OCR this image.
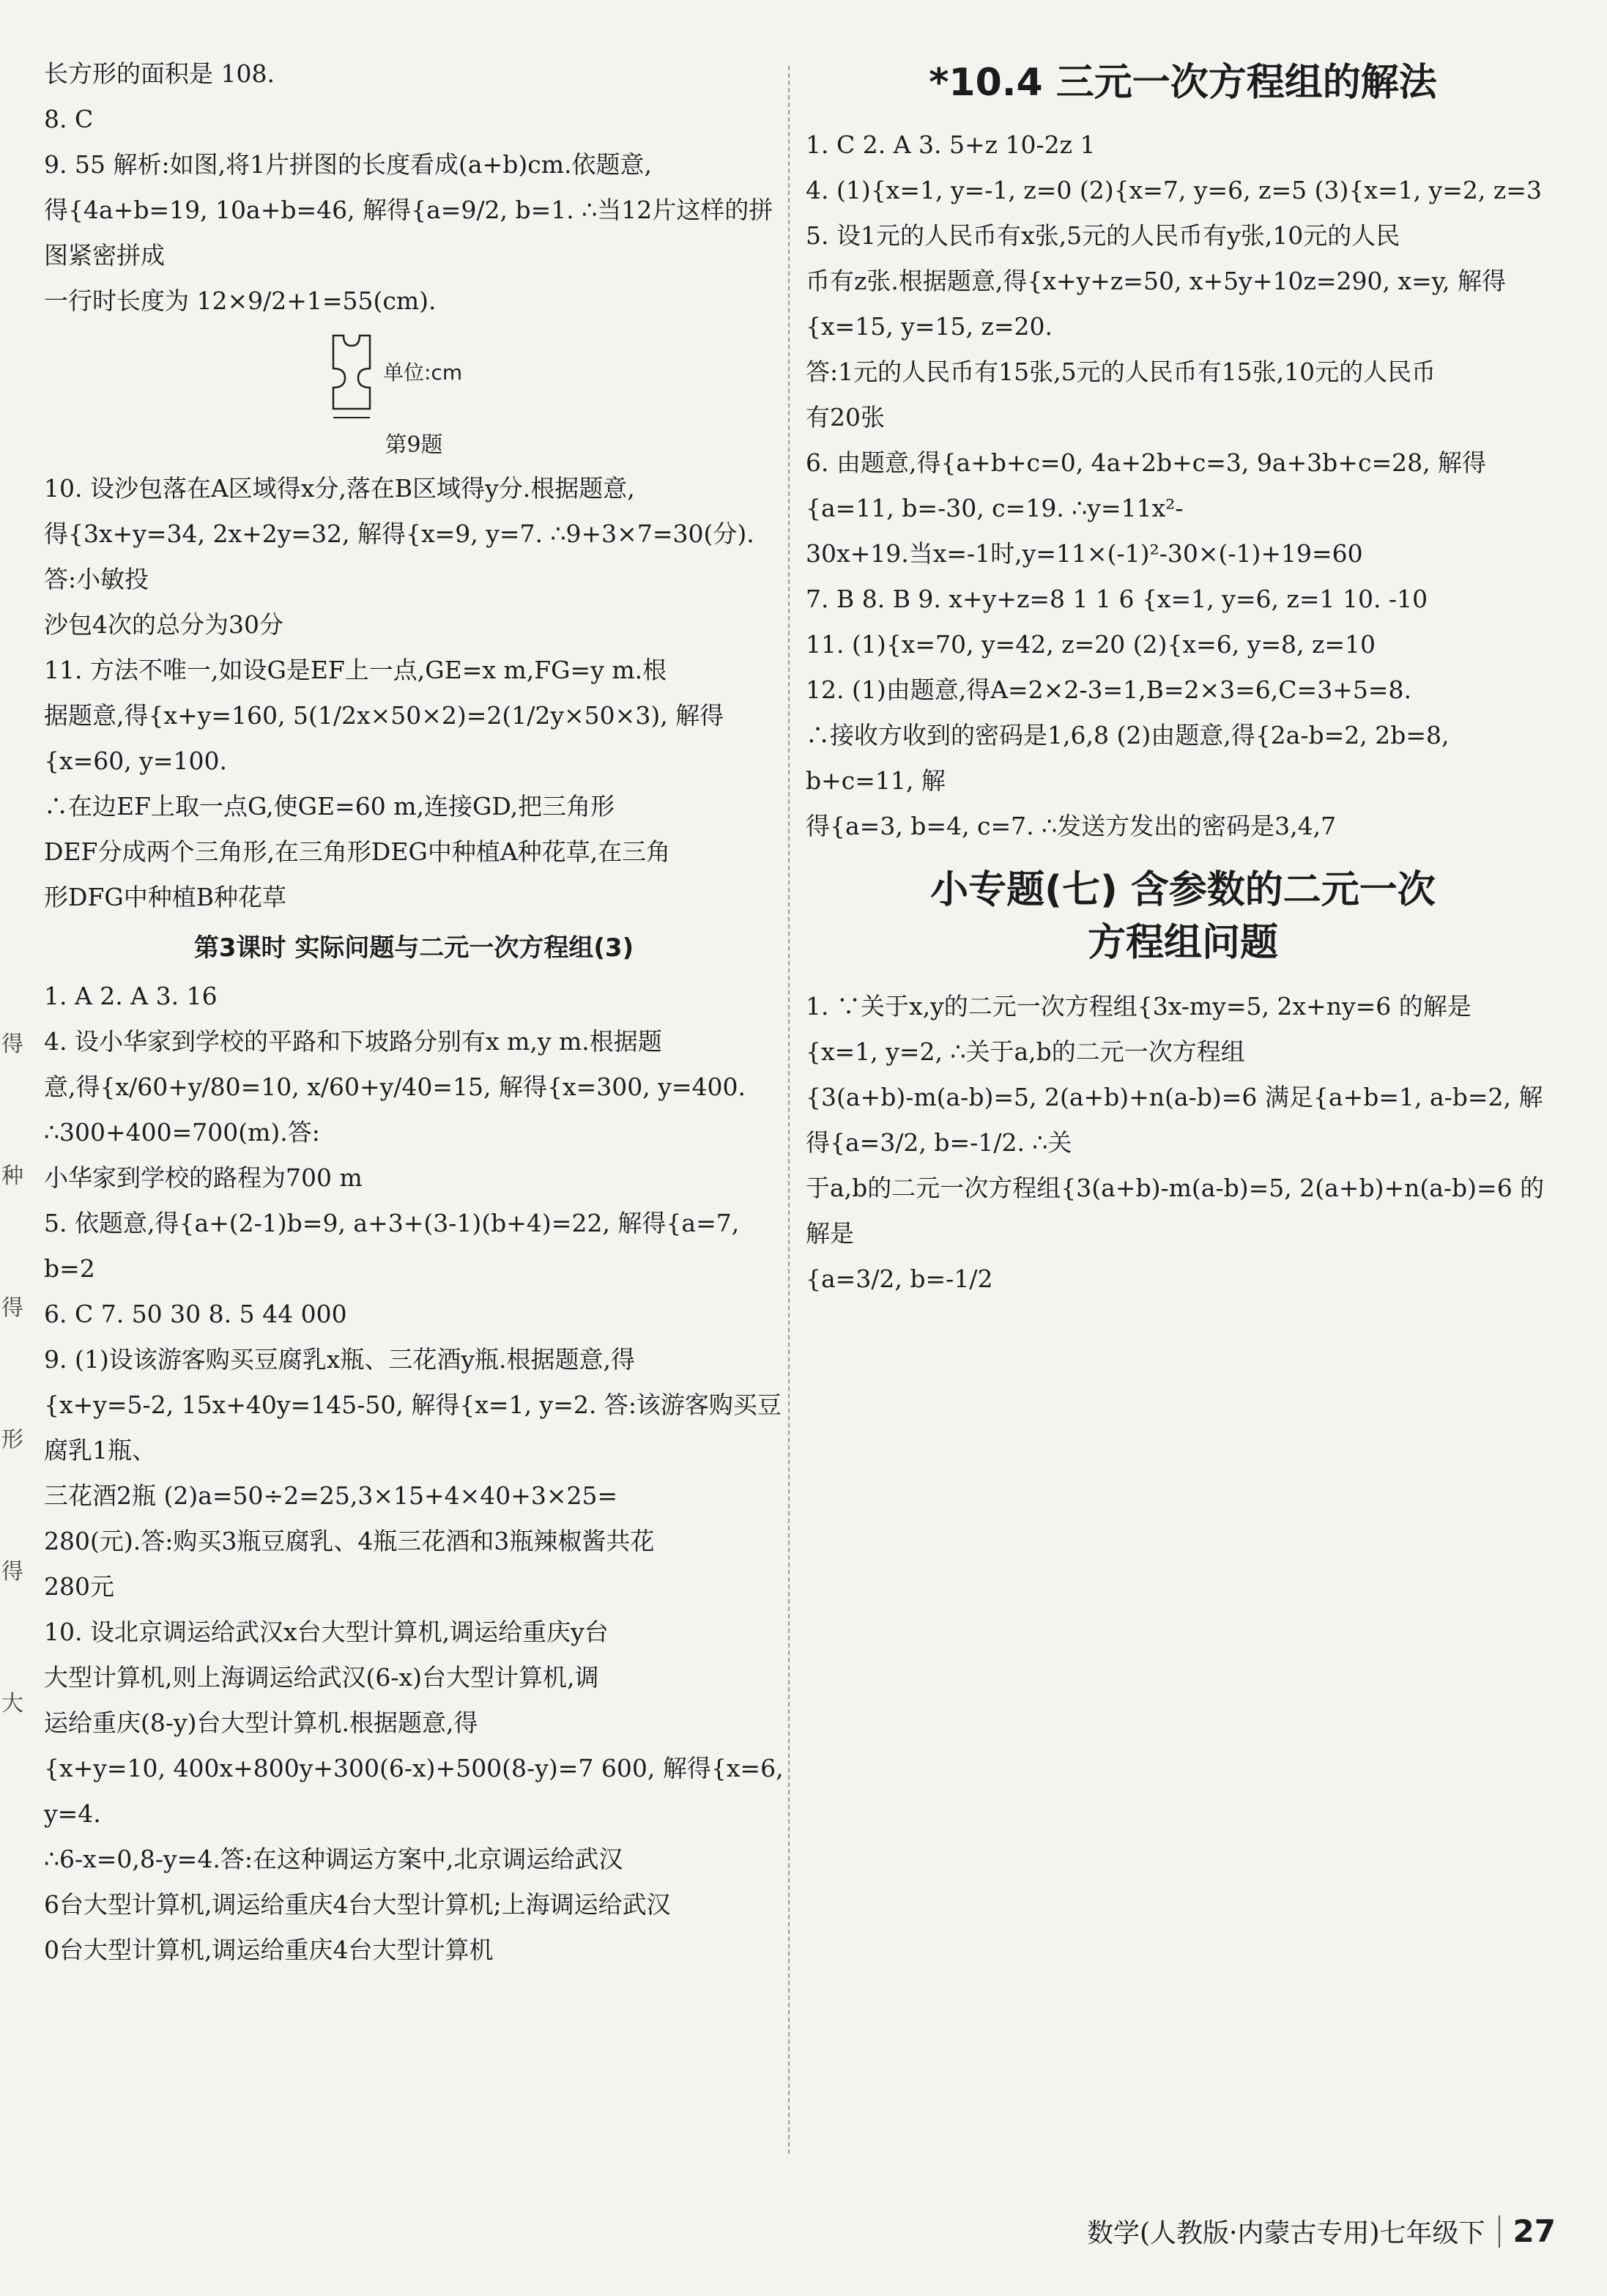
得
种
得
形
得
大

长方形的面积是 108.

8. C

9. 55 解析:如图,将1片拼图的长度看成(a+b)cm.依题意,

得{4a+b=19, 10a+b=46, 解得{a=9/2, b=1. ∴当12片这样的拼图紧密拼成

一行时长度为 12×9/2+1=55(cm).

单位:cm
第9题

10. 设沙包落在A区域得x分,落在B区域得y分.根据题意,

得{3x+y=34, 2x+2y=32, 解得{x=9, y=7. ∴9+3×7=30(分).答:小敏投

沙包4次的总分为30分

11. 方法不唯一,如设G是EF上一点,GE=x m,FG=y m.根

据题意,得{x+y=160, 5(1/2x×50×2)=2(1/2y×50×3), 解得{x=60, y=100.

∴在边EF上取一点G,使GE=60 m,连接GD,把三角形

DEF分成两个三角形,在三角形DEG中种植A种花草,在三角

形DFG中种植B种花草

第3课时 实际问题与二元一次方程组(3)

1. A 2. A 3. 16

4. 设小华家到学校的平路和下坡路分别有x m,y m.根据题

意,得{x/60+y/80=10, x/60+y/40=15, 解得{x=300, y=400. ∴300+400=700(m).答:

小华家到学校的路程为700 m

5. 依题意,得{a+(2-1)b=9, a+3+(3-1)(b+4)=22, 解得{a=7, b=2

6. C 7. 50 30 8. 5 44 000

9. (1)设该游客购买豆腐乳x瓶、三花酒y瓶.根据题意,得

{x+y=5-2, 15x+40y=145-50, 解得{x=1, y=2. 答:该游客购买豆腐乳1瓶、

三花酒2瓶 (2)a=50÷2=25,3×15+4×40+3×25=

280(元).答:购买3瓶豆腐乳、4瓶三花酒和3瓶辣椒酱共花

280元

10. 设北京调运给武汉x台大型计算机,调运给重庆y台

大型计算机,则上海调运给武汉(6-x)台大型计算机,调

运给重庆(8-y)台大型计算机.根据题意,得

{x+y=10, 400x+800y+300(6-x)+500(8-y)=7 600, 解得{x=6, y=4.

∴6-x=0,8-y=4.答:在这种调运方案中,北京调运给武汉

6台大型计算机,调运给重庆4台大型计算机;上海调运给武汉

0台大型计算机,调运给重庆4台大型计算机

*10.4 三元一次方程组的解法

1. C 2. A 3. 5+z 10-2z 1

4. (1){x=1, y=-1, z=0 (2){x=7, y=6, z=5 (3){x=1, y=2, z=3

5. 设1元的人民币有x张,5元的人民币有y张,10元的人民

币有z张.根据题意,得{x+y+z=50, x+5y+10z=290, x=y, 解得{x=15, y=15, z=20.

答:1元的人民币有15张,5元的人民币有15张,10元的人民币

有20张

6. 由题意,得{a+b+c=0, 4a+2b+c=3, 9a+3b+c=28, 解得{a=11, b=-30, c=19. ∴y=11x²-

30x+19.当x=-1时,y=11×(-1)²-30×(-1)+19=60

7. B 8. B 9. x+y+z=8 1 1 6 {x=1, y=6, z=1 10. -10

11. (1){x=70, y=42, z=20 (2){x=6, y=8, z=10

12. (1)由题意,得A=2×2-3=1,B=2×3=6,C=3+5=8.

∴接收方收到的密码是1,6,8 (2)由题意,得{2a-b=2, 2b=8, b+c=11, 解

得{a=3, b=4, c=7. ∴发送方发出的密码是3,4,7

小专题(七) 含参数的二元一次
方程组问题

1. ∵关于x,y的二元一次方程组{3x-my=5, 2x+ny=6 的解是

{x=1, y=2, ∴关于a,b的二元一次方程组

{3(a+b)-m(a-b)=5, 2(a+b)+n(a-b)=6 满足{a+b=1, a-b=2, 解得{a=3/2, b=-1/2. ∴关

于a,b的二元一次方程组{3(a+b)-m(a-b)=5, 2(a+b)+n(a-b)=6 的解是

{a=3/2, b=-1/2

数学(人教版·内蒙古专用)七年级下 27
